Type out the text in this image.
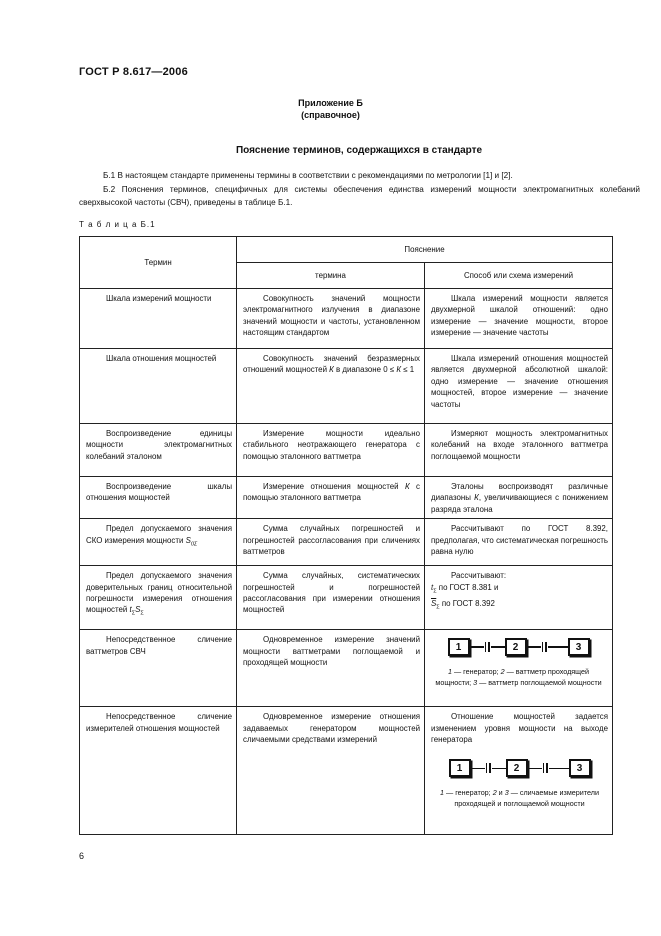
ГОСТ Р 8.617—2006
Приложение Б
(справочное)
Пояснение терминов, содержащихся в стандарте
Б.1 В настоящем стандарте применены термины в соответствии с рекомендациями по метрологии [1] и [2].
Б.2 Пояснения терминов, специфичных для системы обеспечения единства измерений мощности электромагнитных колебаний сверхвысокой частоты (СВЧ), приведены в таблице Б.1.
Т а б л и ц а Б.1
Термин	Пояснение	
	термина	Способ или схема измерений
Шкала измерений мощности	Совокупность значений мощности электромагнитного излучения в диапазоне значений мощности и частоты, установленном настоящим стандартом	Шкала измерений мощности является двухмерной шкалой отношений: одно измерение — значение мощности, второе измерение — значение частоты
Шкала отношения мощностей	Совокупность значений безразмерных отношений мощностей К в диапазоне 0 ≤ К ≤ 1	Шкала измерений отношения мощностей является двухмерной абсолютной шкалой: одно измерение — значение отношения мощностей, второе измерение — значение частоты
Воспроизведение единицы мощности электромагнитных колебаний эталоном	Измерение мощности идеально стабильного неотражающего генератора с помощью эталонного ваттметра	Измеряют мощность электромагнитных колебаний на входе эталонного ваттметра поглощаемой мощности
Воспроизведение шкалы отношения мощностей	Измерение отношения мощностей К с помощью эталонного ваттметра	Эталоны воспроизводят различные диапазоны К, увеличивающиеся с понижением разряда эталона
Предел допускаемого значения СКО измерения мощности $S_{0\Sigma}$	Сумма случайных погрешностей и погрешностей рассогласования при сличениях ваттметров	Рассчитывают по ГОСТ 8.392, предполагая, что систематическая погрешность равна нулю
Предел допускаемого значения доверительных границ относительной погрешности измерения отношения мощностей $t_\Sigma S_\Sigma$	Сумма случайных, систематических погрешностей и погрешностей рассогласования при измерении отношения мощностей	Рассчитывают:
$t_\Sigma$ по ГОСТ 8.381 и
$\overline{S}_\Sigma$ по ГОСТ 8.392

Непосредственное сличение ваттметров СВЧ	Одновременное измерение значений мощности ваттметрами поглощаемой и проходящей мощности	1 2 3
1 — генератор; 2 — ваттметр проходящей мощности; 3 — ваттметр поглощаемой мощности

Непосредственное сличение измерителей отношения мощностей	Одновременное измерение отношения задаваемых генератором мощностей сличаемыми средствами измерений	Отношение мощностей задается изменением уровня мощности на выходе генератора
1 2 3
1 — генератор; 2 и 3 — сличаемые измерители проходящей и поглощаемой мощности
6
